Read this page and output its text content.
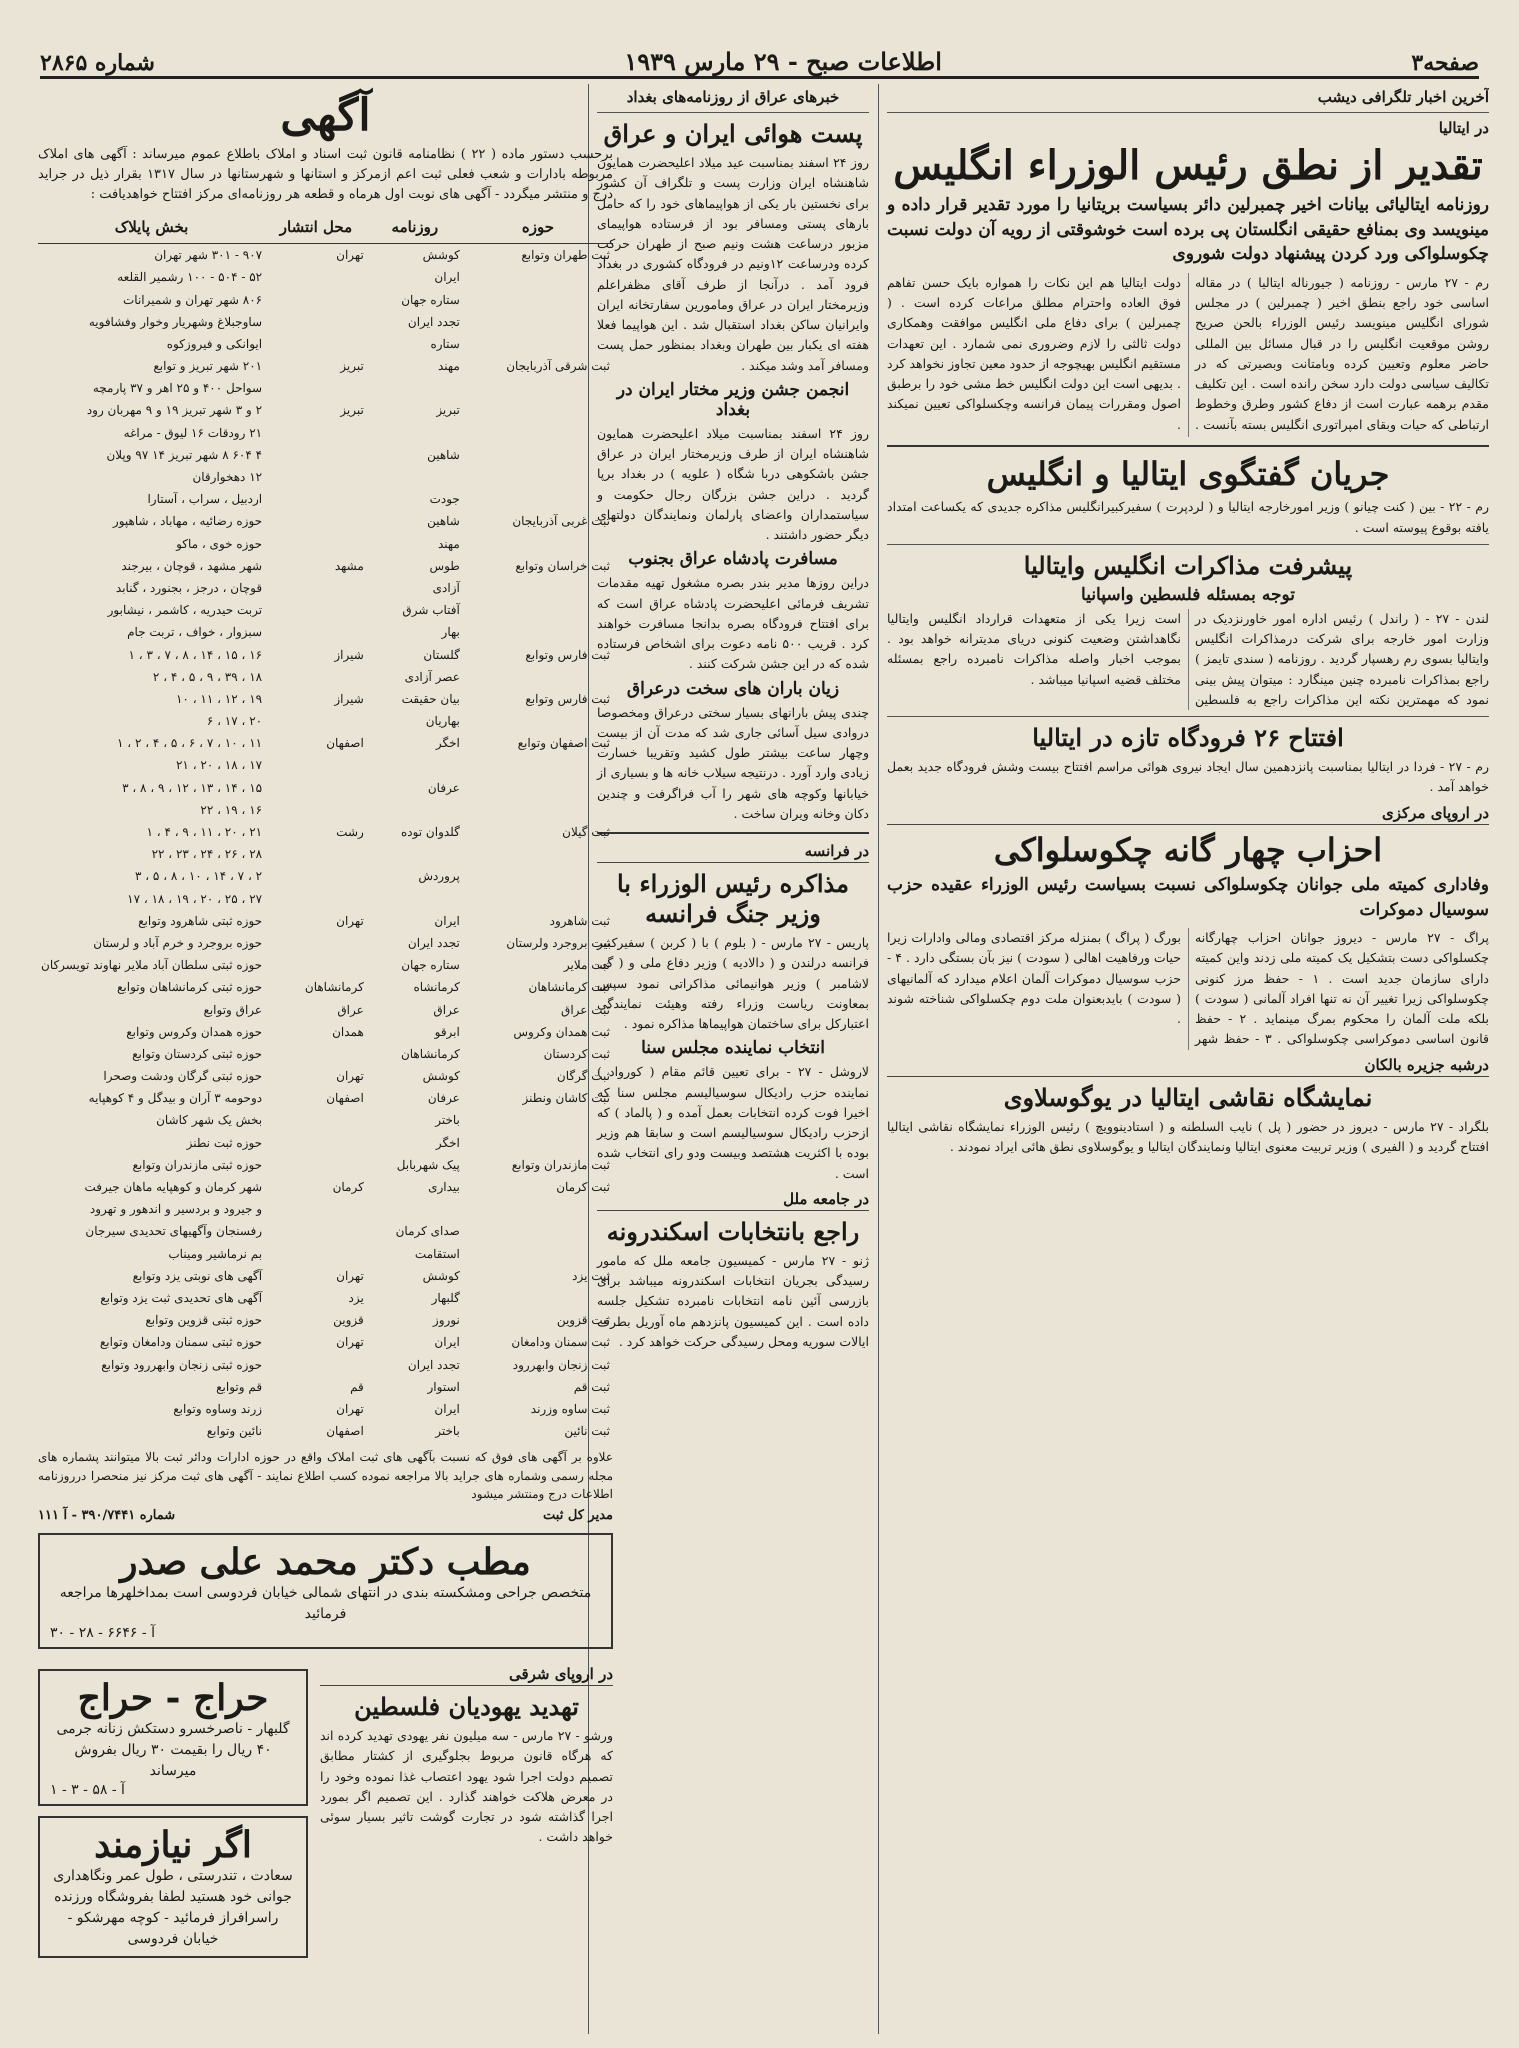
صفحه۳
اطلاعات صبح - ۲۹ مارس ۱۹۳۹
شماره ۲۸۶۵
آخرین اخبار تلگرافی دیشب
در ایتالیا
تقدیر از نطق رئیس الوزراء انگلیس
روزنامه ایتالیائی بیانات اخیر چمبرلین دائر بسیاست بریتانیا را مورد تقدیر قرار داده و مینویسد وی بمنافع حقیقی انگلستان پی برده است خوشوقتی از رویه آن دولت نسبت چکوسلواکی ورد کردن پیشنهاد دولت شوروی

رم - ۲۷ مارس - روزنامه ( جیورناله ایتالیا ) در مقاله اساسی خود راجع بنطق اخیر ( چمبرلین ) در مجلس شورای انگلیس مینویسد رئیس الوزراء بالحن صریح روشن موقعیت انگلیس را در قبال مسائل بین المللی حاضر معلوم وتعیین کرده وبامتانت وبصیرتی که در تکالیف سیاسی دولت دارد سخن رانده است . این تکلیف مقدم برهمه عبارت است از دفاع کشور وطرق وخطوط ارتباطی که حیات وبقای امپراتوری انگلیس بسته بآنست . دولت ایتالیا هم این نکات را همواره بایک حسن تفاهم فوق العاده واحترام مطلق مراعات کرده است . ( چمبرلین ) برای دفاع ملی انگلیس موافقت وهمکاری دولت ثالثی را لازم وضروری نمی شمارد . این تعهدات مستقیم انگلیس بهیچوجه از حدود معین تجاوز نخواهد کرد . بدیهی است این دولت انگلیس خط مشی خود را برطبق اصول ومقررات پیمان فرانسه وچکسلواکی تعیین نمیکند .

جریان گفتگوی ایتالیا و انگلیس
رم - ۲۲ - بین ( کنت چیانو ) وزیر امورخارجه ایتالیا و ( لردپرت ) سفیرکبیرانگلیس مذاکره جدیدی که یکساعت امتداد یافته بوقوع پیوسته است .
پیشرفت مذاکرات انگلیس وایتالیا
توجه بمسئله فلسطین واسپانیا

لندن - ۲۷ - ( راندل ) رئیس اداره امور خاورنزدیک در وزارت امور خارجه برای شرکت درمذاکرات انگلیس وایتالیا بسوی رم رهسپار گردید . روزنامه ( سندی تایمز ) راجع بمذاکرات نامبرده چنین مینگارد : میتوان پیش بینی نمود که مهمترین نکته این مذاکرات راجع به فلسطین است زیرا یکی از متعهدات قرارداد انگلیس وایتالیا نگاهداشتن وضعیت کنونی دریای مدیترانه خواهد بود . بموجب اخبار واصله مذاکرات نامبرده راجع بمسئله مختلف قضیه اسپانیا میباشد .

افتتاح ۲۶ فرودگاه تازه در ایتالیا
رم - ۲۷ - فردا در ایتالیا بمناسبت پانزدهمین سال ایجاد نیروی هوائی مراسم افتتاح بیست وشش فرودگاه جدید بعمل خواهد آمد .
در اروپای مرکزی
احزاب چهار گانه چکوسلواکی
وفاداری کمیته ملی جوانان چکوسلواکی نسبت بسیاست رئیس الوزراء عقیده حزب سوسیال دموکرات

پراگ - ۲۷ مارس - دیروز جوانان احزاب چهارگانه چکسلواکی دست بتشکیل یک کمیته ملی زدند واین کمیته دارای سازمان جدید است . ۱ - حفظ مرز کنونی چکوسلواکی زیرا تغییر آن نه تنها افراد آلمانی ( سودت ) بلکه ملت آلمان را محکوم بمرگ مینماید . ۲ - حفظ قانون اساسی دموکراسی چکوسلواکی . ۳ - حفظ شهر بورگ ( پراگ ) بمنزله مرکز اقتصادی ومالی وادارات زیرا حیات ورفاهیت اهالی ( سودت ) نیز بآن بستگی دارد . ۴ - حزب سوسیال دموکرات آلمان اعلام میدارد که آلمانیهای ( سودت ) بایدبعنوان ملت دوم چکسلواکی شناخته شوند .

درشبه جزیره بالکان
نمایشگاه نقاشی ایتالیا در یوگوسلاوی
بلگراد - ۲۷ مارس - دیروز در حضور ( پل ) نایب السلطنه و ( استادینوویچ ) رئیس الوزراء نمایشگاه نقاشی ایتالیا افتتاح گردید و ( الفیری ) وزیر تربیت معنوی ایتالیا ونمایندگان ایتالیا و یوگوسلاوی نطق هائی ایراد نمودند .
خبرهای عراق از روزنامه‌های بغداد
پست هوائی ایران و عراق
روز ۲۴ اسفند بمناسبت عید میلاد اعلیحضرت همایون شاهنشاه ایران وزارت پست و تلگراف آن کشور برای نخستین بار یکی از هواپیماهای خود را که حامل بارهای پستی ومسافر بود از فرستاده هواپیمای مزبور درساعت هشت ونیم صبح از طهران حرکت کرده ودرساعت ۱۲ونیم در فرودگاه کشوری در بغداد فرود آمد . درآنجا از طرف آقای مظفراعلم وزیرمختار ایران در عراق ومامورین سفارتخانه ایران وایرانیان ساکن بغداد استقبال شد . این هواپیما فعلا هفته ای یکبار بین طهران وبغداد بمنظور حمل پست ومسافر آمد وشد میکند .
انجمن جشن وزیر مختار ایران در بغداد
روز ۲۴ اسفند بمناسبت میلاد اعلیحضرت همایون شاهنشاه ایران از طرف وزیرمختار ایران در عراق جشن باشکوهی دربا شگاه ( علویه ) در بغداد برپا گردید . دراین جشن بزرگان رجال حکومت و سیاستمداران واعضای پارلمان ونمایندگان دولتهای دیگر حضور داشتند .
مسافرت پادشاه عراق بجنوب
دراین روزها مدیر بندر بصره مشغول تهیه مقدمات تشریف فرمائی اعلیحضرت پادشاه عراق است که برای افتتاح فرودگاه بصره بدانجا مسافرت خواهند کرد . قریب ۵۰۰ نامه دعوت برای اشخاص فرستاده شده که در این جشن شرکت کنند .
زیان باران های سخت درعراق
چندی پیش بارانهای بسیار سختی درعراق ومخصوصا دروادی سیل آسائی جاری شد که مدت آن از بیست وچهار ساعت بیشتر طول کشید وتقریبا خسارت زیادی وارد آورد . درنتیجه سیلاب خانه ها و بسیاری از خیابانها وکوچه های شهر را آب فراگرفت و چندین دکان وخانه ویران ساخت .
در فرانسه
مذاکره رئیس الوزراء با وزیر جنگ فرانسه
پاریس - ۲۷ مارس - ( بلوم ) با ( کربن ) سفیرکبیر فرانسه درلندن و ( دالادیه ) وزیر دفاع ملی و ( گی لاشامبر ) وزیر هوانیمائی مذاکراتی نمود سپس بمعاونت ریاست وزراء رفته وهیئت نمایندگی اعتبارکل برای ساختمان هواپیماها مذاکره نمود .
انتخاب نماینده مجلس سنا
لاروشل - ۲۷ - برای تعیین قائم مقام ( کورواد ) نماینده حزب رادیکال سوسیالیسم مجلس سنا که اخیرا فوت کرده انتخابات بعمل آمده و ( پالماد ) که ازحزب رادیکال سوسیالیسم است و سابقا هم وزیر بوده با اکثریت هشتصد وبیست ودو رای انتخاب شده است .
در جامعه ملل
راجع بانتخابات اسکندرونه
ژنو - ۲۷ مارس - کمیسیون جامعه ملل که مامور رسیدگی بجریان انتخابات اسکندرونه میباشد برای بازرسی آئین نامه انتخابات نامبرده تشکیل جلسه داده است . این کمیسیون پانزدهم ماه آوریل بطرف ایالات سوریه ومحل رسیدگی حرکت خواهد کرد .
آگهی
برحسب دستور ماده ( ۲۲ ) نظامنامه قانون ثبت اسناد و املاک باطلاع عموم میرساند : آگهی های املاک مربوطه بادارات و شعب فعلی ثبت اعم ازمرکز و استانها و شهرستانها در سال ۱۳۱۷ بقرار ذیل در جراید درج و منتشر میگردد - آگهی های نوبت اول هرماه و قطعه هر روزنامه‌ای مرکز افتتاح خواهدیافت :
حوزه	روزنامه	محل انتشار	بخش پایلاک
ثبت طهران وتوابع	کوشش	تهران	۹۰۷ - ۳۰۱ شهر تهران
	ایران		۵۲ - ۵۰۴ - ۱۰۰ رشمیر القلعه
	ستاره جهان		۸۰۶ شهر تهران و شمیرانات
	تجدد ایران		ساوجبلاغ وشهریار وخوار وفشافویه
	ستاره		ایوانکی و فیروزکوه
ثبت شرقی آذربایجان	مهند	تبریز	۲۰۱ شهر تبریز و توابع
			سواحل ۴۰۰ و ۲۵ اهر و ۳۷ پارمچه
	تبریز	تبریز	۲ و ۳ شهر تبریز ۱۹ و ۹ مهربان رود
			۲۱ رودقات ۱۶ لیوق - مراغه
	شاهین		۴ ۶۰۴ ۸ شهر تبریز ۱۴ ۹۷ وپلان
			۱۲ دهخوارقان
	جودت		اردبیل ، سراب ، آستارا
ثبت غربی آذربایجان	شاهین		حوزه رضائیه ، مهاباد ، شاهپور
	مهند		حوزه خوی ، ماکو
ثبت خراسان وتوابع	طوس	مشهد	شهر مشهد ، قوچان ، بیرجند
	آزادی		قوچان ، درجز ، بجنورد ، گنابد
	آفتاب شرق		تربت حیدریه ، کاشمر ، نیشابور
	بهار		سبزوار ، خواف ، تربت جام
ثبت فارس وتوابع	گلستان	شیراز	۱۶ ، ۱۵ ، ۱۴ ، ۸ ، ۷ ، ۳ ، ۱
	عصر آزادی		۱۸ ، ۳۹ ، ۹ ، ۵ ، ۴ ، ۲
ثبت فارس وتوابع	بیان حقیقت	شیراز	۱۹ ، ۱۲ ، ۱۱ ، ۱۰
	بهاریان		۲۰ ، ۱۷ ، ۶
ثبت اصفهان وتوابع	اخگر	اصفهان	۱۱ ، ۱۰ ، ۷ ، ۶ ، ۵ ، ۴ ، ۲ ، ۱
			۱۷ ، ۱۸ ، ۲۰ ، ۲۱
	عرفان		۱۵ ، ۱۴ ، ۱۳ ، ۱۲ ، ۹ ، ۸ ، ۳
			۱۶ ، ۱۹ ، ۲۲
ثبت گیلان	گلدوان توده	رشت	۲۱ ، ۲۰ ، ۱۱ ، ۹ ، ۴ ، ۱
			۲۸ ، ۲۶ ، ۲۴ ، ۲۳ ، ۲۲
	پروردش		۲ ، ۷ ، ۱۴ ، ۱۰ ، ۸ ، ۵ ، ۳
			۲۷ ، ۲۵ ، ۲۰ ، ۱۹ ، ۱۸ ، ۱۷
ثبت شاهرود	ایران	تهران	حوزه ثبتی شاهرود وتوابع
ثبت بروجرد ولرستان	تجدد ایران		حوزه بروجرد و خرم آباد و لرستان
ثبت ملایر	ستاره جهان		حوزه ثبتی سلطان آباد ملایر نهاوند تویسرکان
ثبت کرمانشاهان	کرمانشاه	کرمانشاهان	حوزه ثبتی کرمانشاهان وتوابع
ثبت عراق	عراق	عراق	عراق وتوابع
ثبت همدان وکروس	ابرقو	همدان	حوزه همدان وکروس وتوابع
ثبت کردستان	کرمانشاهان		حوزه ثبتی کردستان وتوابع
ثبت گرگان	کوشش	تهران	حوزه ثبتی گرگان ودشت وصحرا
ثبت کاشان ونطنز	عرفان	اصفهان	دوحومه ۳ آران و بیدگل و ۴ کوهپایه
	باختر		بخش یک شهر کاشان
	اخگر		حوزه ثبت نطنز
ثبت مازندران وتوابع	پیک شهربابل		حوزه ثبتی مازندران وتوابع
ثبت کرمان	بیداری	کرمان	شهر کرمان و کوهپایه ماهان جیرفت
			و جیرود و بردسیر و اندهور و تهرود
	صدای کرمان		رفسنجان وآگهیهای تحدیدی سیرجان
	استقامت		بم نرماشیر ومیناب
ثبت یزد	کوشش	تهران	آگهی های نوبتی یزد وتوابع
	گلبهار	یزد	آگهی های تحدیدی ثبت یزد وتوابع
ثبت قزوین	نوروز	قزوین	حوزه ثبتی قزوین وتوابع
ثبت سمنان ودامغان	ایران	تهران	حوزه ثبتی سمنان ودامغان وتوابع
ثبت زنجان وابهررود	تجدد ایران		حوزه ثبتی زنجان وابهررود وتوابع
ثبت قم	استوار	قم	قم وتوابع
ثبت ساوه وزرند	ایران	تهران	زرند وساوه وتوابع
ثبت نائین	باختر	اصفهان	نائین وتوابع
علاوه بر آگهی های فوق که نسبت بآگهی های ثبت املاک واقع در حوزه ادارات ودائر ثبت بالا میتوانند پشماره های مجله رسمی وشماره های جراید بالا مراجعه نموده کسب اطلاع نمایند - آگهی های ثبت مرکز نیز منحصرا درروزنامه اطلاعات درج ومنتشر میشود
مدیر کل ثبت
شماره ۳۹۰/۷۴۴۱ - آ ۱۱۱
مطب دکتر محمد علی صدر
متخصص جراحی ومشکسته بندی در انتهای شمالی خیابان فردوسی است بمداخلهرها مراجعه فرمائید
آ - ۶۶۴۶ - ۲۸ - ۳۰
در اروپای شرقی
تهدید یهودیان فلسطین
ورشو - ۲۷ مارس - سه میلیون نفر یهودی تهدید کرده اند که هرگاه قانون مربوط بجلوگیری از کشتار مطابق تصمیم دولت اجرا شود یهود اعتصاب غذا نموده وخود را در معرض هلاکت خواهند گذارد . این تصمیم اگر بمورد اجرا گذاشته شود در تجارت گوشت تاثیر بسیار سوئی خواهد داشت .
حراج - حراج
گلبهار - ناصرخسرو دستکش زنانه جرمی ۴۰ ریال را بقیمت ۳۰ ریال بفروش میرساند
آ - ۵۸ - ۳ - ۱
اگر نیازمند
سعادت ، تندرستی ، طول عمر ونگاهداری جوانی خود هستید لطفا بفروشگاه ورزنده راسرافراز فرمائید - کوچه مهرشکو - خیابان فردوسی
